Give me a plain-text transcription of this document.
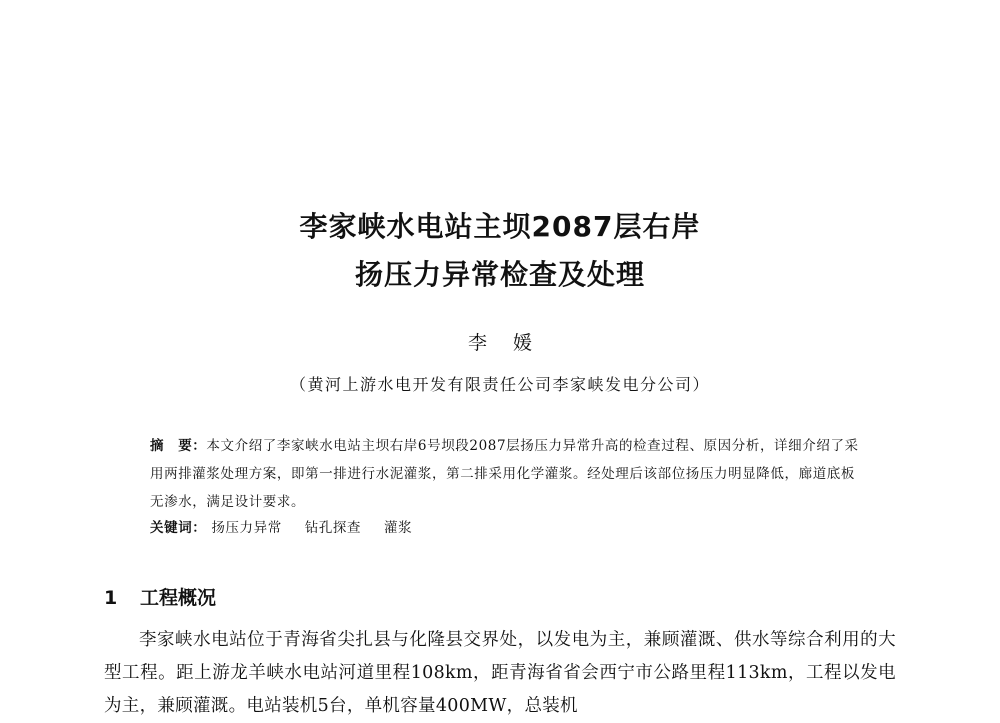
李家峡水电站主坝2087层右岸
扬压力异常检查及处理
李媛
（黄河上游水电开发有限责任公司李家峡发电分公司）
摘　要：本文介绍了李家峡水电站主坝右岸6号坝段2087层扬压力异常升高的检查过程、原因分析，详细介绍了采用两排灌浆处理方案，即第一排进行水泥灌浆，第二排采用化学灌浆。经处理后该部位扬压力明显降低，廊道底板无渗水，满足设计要求。
关键词： 扬压力异常 钻孔探查 灌浆
1 工程概况
李家峡水电站位于青海省尖扎县与化隆县交界处，以发电为主，兼顾灌溉、供水等综合利用的大型工程。距上游龙羊峡水电站河道里程108km，距青海省省会西宁市公路里程113km，工程以发电为主，兼顾灌溉。电站装机5台，单机容量400MW，总装机
